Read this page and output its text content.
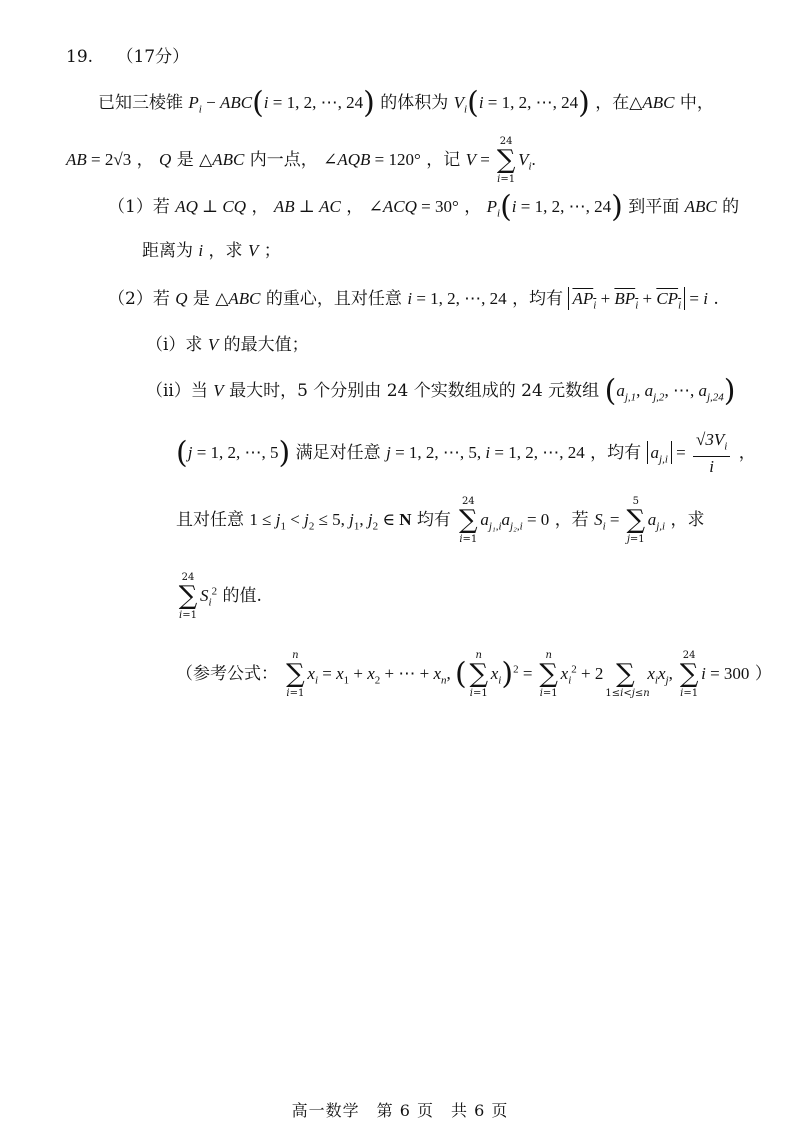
19. （17分）
已知三棱锥 $P_i - ABC(i = 1$, 2, ⋯, 24) 的体积为 $V_i(i = 1$, 2, ⋯, 24) ，在△ABC 中，
AB = 2√3 ， Q 是 △ABC 内一点， ∠AQB = 120° ，记 V =
24
∑
i=1
$V_i$.
（1）若 AQ ⊥ CQ ， AB ⊥ AC ， ∠ACQ = 30° ， $P_i(i = 1$, 2, ⋯, 24) 到平面 ABC 的
距离为 i ，求 V ；
（2）若 Q 是 △ABC 的重心，且对任意 i = 1, 2, ⋯, 24 ，均有 $AP_i + BP_i + CP_i = i$ .
（i）求 V 的最大值；
（ii）当 V 最大时，5 个分别由 24 个实数组成的 24 元数组 ($a_{j,1}$, $a_{j,2}$, ⋯, $a_{j,24}$)
(j = 1, 2, ⋯, 5) 满足对任意 j = 1, 2, ⋯, 5, i = 1, 2, ⋯, 24 ，均有 $a_{j,i} = \frac{√3V_i}{i}$ ，
且对任意 $1 \le j_1 < j_2 \le 5$, $j_1$, $j_2$ ∈ N 均有
24
∑
i=1
$a_{j_1,i}a_{j_2,i} = 0$ ，若 $S_i$ =
5
∑
j=1
$a_{j,i}$ ，求
24
∑
i=1
$S_i^2$ 的值.
（参考公式：
n
∑
i=1
$x_i = x_1 + x_2$ + ⋯ + $x_n$, (
n
∑
i=1
$x_i)^2$ =
n
∑
i=1
$x_i^2 + 2$
∑
1≤i<j≤n
$x_ix_j$,
24
∑
i=1
i = 300 ）
高一数学　第 6 页　共 6 页
